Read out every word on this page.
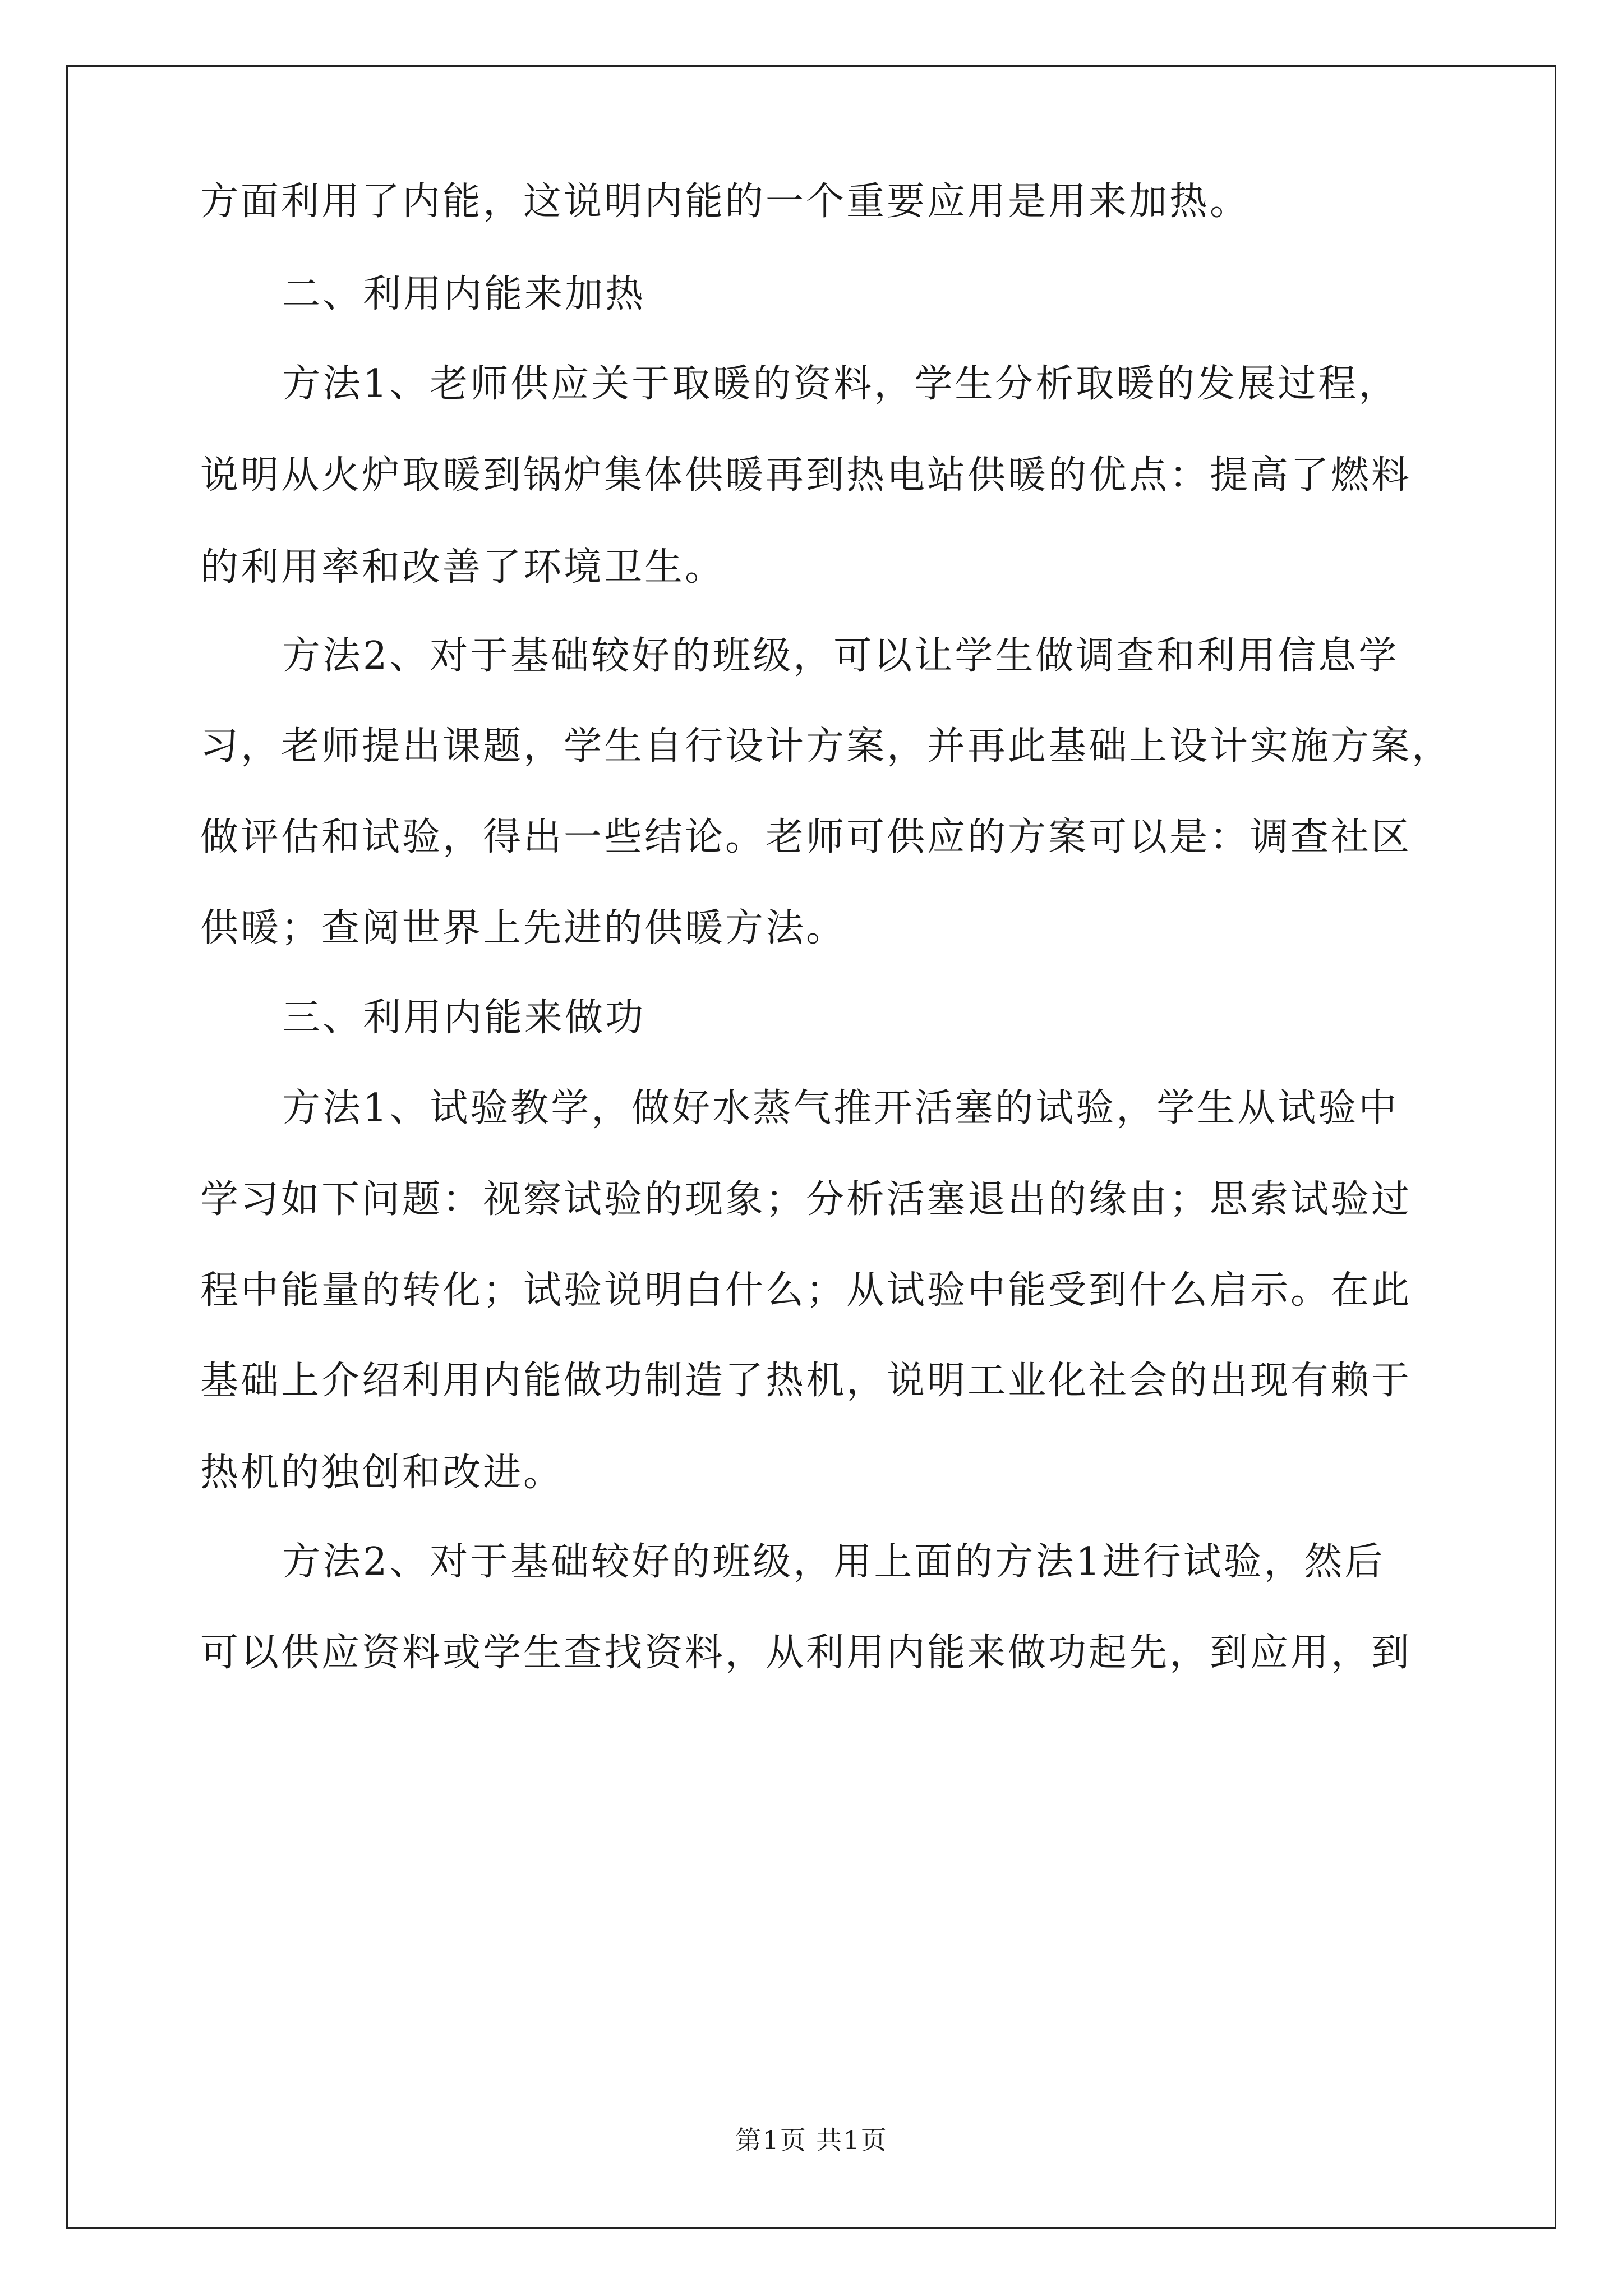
方面利用了内能，这说明内能的一个重要应用是用来加热。
二、利用内能来加热
方法1、老师供应关于取暖的资料，学生分析取暖的发展过程，
说明从火炉取暖到锅炉集体供暖再到热电站供暖的优点：提高了燃料
的利用率和改善了环境卫生。
方法2、对于基础较好的班级，可以让学生做调查和利用信息学
习，老师提出课题，学生自行设计方案，并再此基础上设计实施方案，
做评估和试验，得出一些结论。老师可供应的方案可以是：调查社区
供暖；查阅世界上先进的供暖方法。
三、利用内能来做功
方法1、试验教学，做好水蒸气推开活塞的试验，学生从试验中
学习如下问题：视察试验的现象；分析活塞退出的缘由；思索试验过
程中能量的转化；试验说明白什么；从试验中能受到什么启示。在此
基础上介绍利用内能做功制造了热机，说明工业化社会的出现有赖于
热机的独创和改进。
方法2、对于基础较好的班级，用上面的方法1进行试验，然后
可以供应资料或学生查找资料，从利用内能来做功起先，到应用，到
第1页 共1页
